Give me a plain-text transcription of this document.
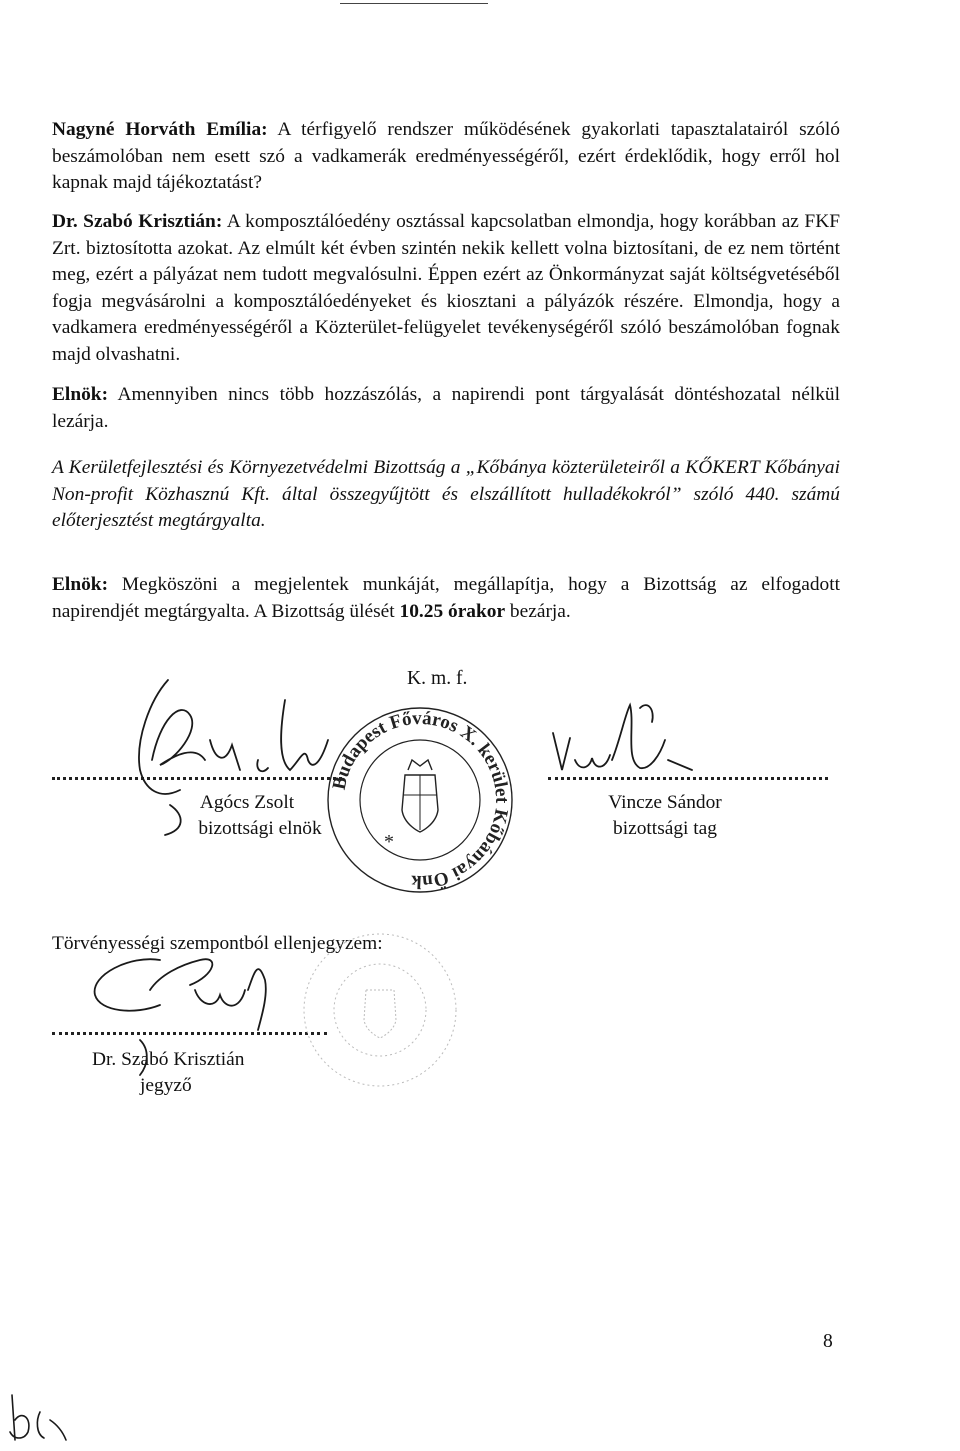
Nagyné Horváth Emília: A térfigyelő rendszer működésének gyakorlati tapasztalatairól szóló beszámolóban nem esett szó a vadkamerák eredményességéről, ezért érdeklődik, hogy erről hol kapnak majd tájékoztatást?
Dr. Szabó Krisztián: A komposztálóedény osztással kapcsolatban elmondja, hogy korábban az FKF Zrt. biztosította azokat. Az elmúlt két évben szintén nekik kellett volna biztosítani, de ez nem történt meg, ezért a pályázat nem tudott megvalósulni. Éppen ezért az Önkormányzat saját költségvetéséből fogja megvásárolni a komposztálóedényeket és kiosztani a pályázók részére. Elmondja, hogy a vadkamera eredményességéről a Közterület-felügyelet tevékenységéről szóló beszámolóban fognak majd olvashatni.
Elnök: Amennyiben nincs több hozzászólás, a napirendi pont tárgyalását döntéshozatal nélkül lezárja.
A Kerületfejlesztési és Környezetvédelmi Bizottság a „Kőbánya közterületeiről a KŐKERT Kőbányai Non-profit Közhasznú Kft. által összegyűjtött és elszállított hulladékokról” szóló 440. számú előterjesztést megtárgyalta.
Elnök: Megköszöni a megjelentek munkáját, megállapítja, hogy a Bizottság az elfogadott napirendjét megtárgyalta. A Bizottság ülését 10.25 órakor bezárja.
K. m. f.
Agócs Zsolt
bizottsági elnök
Vincze Sándor
bizottsági tag
Törvényességi szempontból ellenjegyzem:
Dr. Szabó Krisztián
jegyző
8
Budapest Főváros X. kerület Kőbányai Önk
*
